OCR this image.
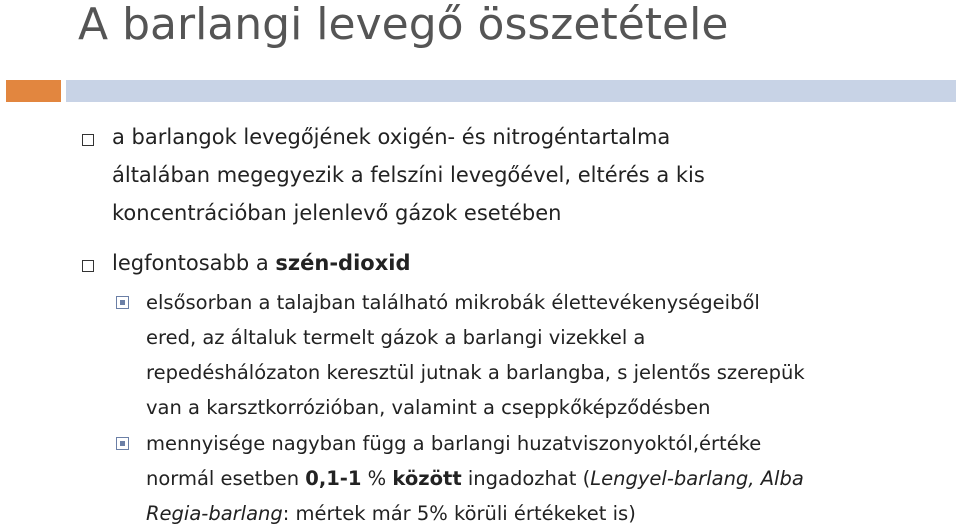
A barlangi levegő összetétele
a barlangok levegőjének oxigén- és nitrogéntartalma
általában megegyezik a felszíni levegőével, eltérés a kis
koncentrációban jelenlevő gázok esetében
legfontosabb a szén-dioxid
elsősorban a talajban található mikrobák élettevékenységeiből
ered, az általuk termelt gázok a barlangi vizekkel a
repedéshálózaton keresztül jutnak a barlangba, s jelentős szerepük
van a karsztkorrózióban, valamint a cseppkőképződésben
mennyisége nagyban függ a barlangi huzatviszonyoktól,értéke
normál esetben 0,1-1 % között ingadozhat (Lengyel-barlang, Alba
Regia-barlang: mértek már 5% körüli értékeket is)
